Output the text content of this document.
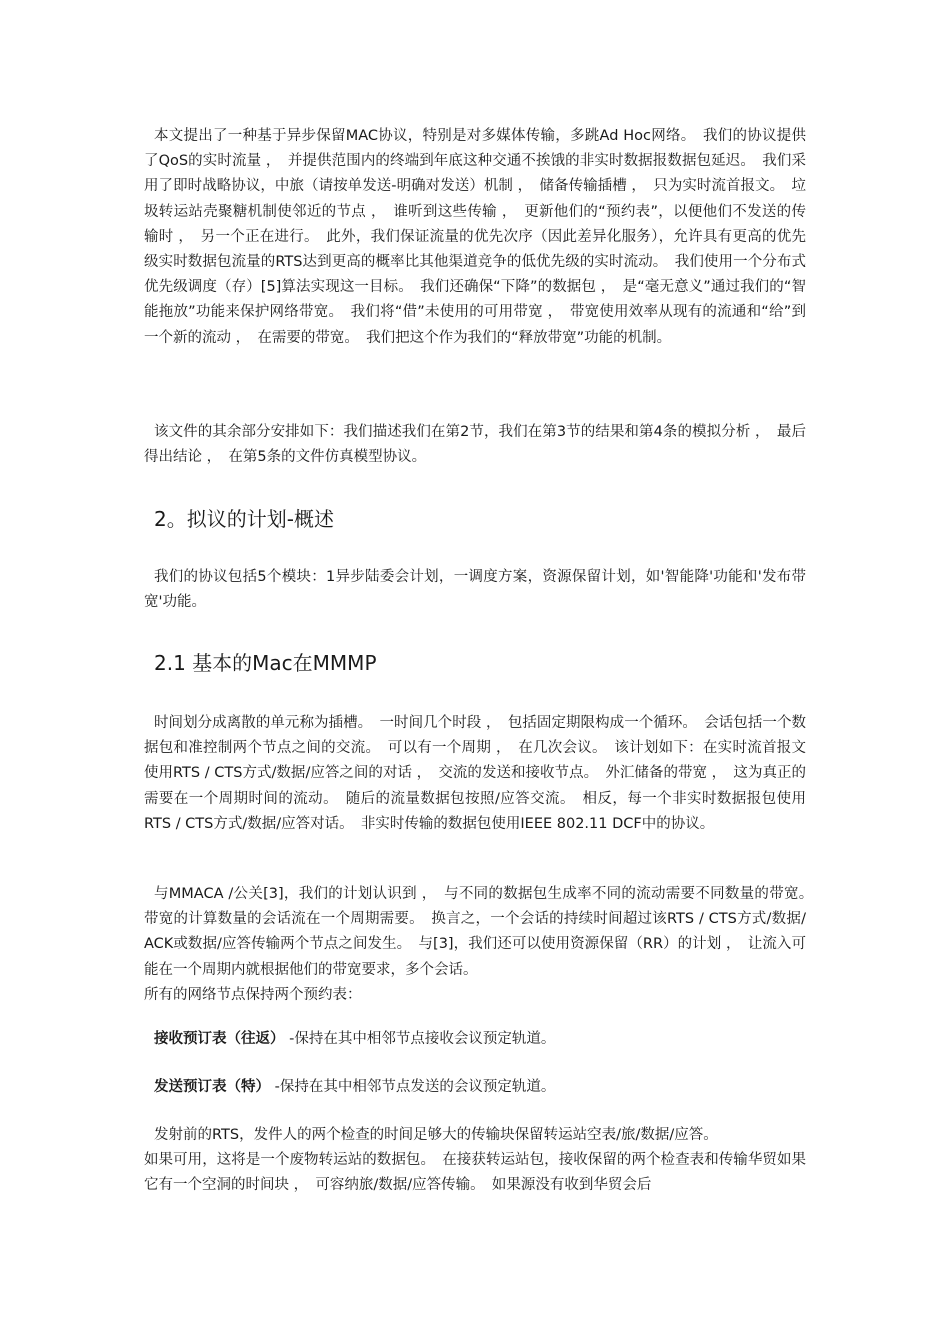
本文提出了一种基于异步保留MAC协议，特别是对多媒体传输，多跳Ad Hoc网络。　我们的协议提供了QoS的实时流量 ，　并提供范围内的终端到年底这种交通不挨饿的非实时数据报数据包延迟。　我们采用了即时战略协议，中旅（请按单发送-明确对发送）机制 ，　储备传输插槽 ，　只为实时流首报文。　垃圾转运站壳聚糖机制使邻近的节点 ，　谁听到这些传输 ，　更新他们的“预约表”，以便他们不发送的传输时 ，　另一个正在进行。　此外，我们保证流量的优先次序（因此差异化服务），允许具有更高的优先级实时数据包流量的RTS达到更高的概率比其他渠道竞争的低优先级的实时流动。　我们使用一个分布式优先级调度（存）[5]算法实现这一目标。　我们还确保“下降”的数据包 ，　是“毫无意义”通过我们的“智能拖放”功能来保护网络带宽。　我们将“借”未使用的可用带宽 ，　带宽使用效率从现有的流通和“给”到一个新的流动 ，　在需要的带宽。　我们把这个作为我们的“释放带宽”功能的机制。

该文件的其余部分安排如下：我们描述我们在第2节，我们在第3节的结果和第4条的模拟分析 ，　最后得出结论 ，　在第5条的文件仿真模型协议。

2。拟议的计划-概述

我们的协议包括5个模块：1异步陆委会计划，一调度方案，资源保留计划，如'智能降'功能和'发布带宽'功能。

2.1 基本的Mac在MMMP

时间划分成离散的单元称为插槽。　一时间几个时段 ，　包括固定期限构成一个循环。　会话包括一个数据包和准控制两个节点之间的交流。　可以有一个周期 ，　在几次会议。　该计划如下：在实时流首报文使用RTS / CTS方式/数据/应答之间的对话 ，　交流的发送和接收节点。　外汇储备的带宽 ，　这为真正的需要在一个周期时间的流动。　随后的流量数据包按照/应答交流。　相反，每一个非实时数据报包使用RTS / CTS方式/数据/应答对话。　非实时传输的数据包使用IEEE 802.11 DCF中的协议。

与MMACA /公关[3]，我们的计划认识到 ，　与不同的数据包生成率不同的流动需要不同数量的带宽。　带宽的计算数量的会话流在一个周期需要。　换言之，一个会话的持续时间超过该RTS / CTS方式/数据/ ACK或数据/应答传输两个节点之间发生。　与[3]，我们还可以使用资源保留（RR）的计划 ，　让流入可能在一个周期内就根据他们的带宽要求，多个会话。

所有的网络节点保持两个预约表：

接收预订表（往返） -保持在其中相邻节点接收会议预定轨道。

发送预订表（特） -保持在其中相邻节点发送的会议预定轨道。

发射前的RTS，发件人的两个检查的时间足够大的传输块保留转运站空表/旅/数据/应答。

如果可用，这将是一个废物转运站的数据包。　在接获转运站包，接收保留的两个检查表和传输华贸如果它有一个空洞的时间块 ，　可容纳旅/数据/应答传输。　如果源没有收到华贸会后
